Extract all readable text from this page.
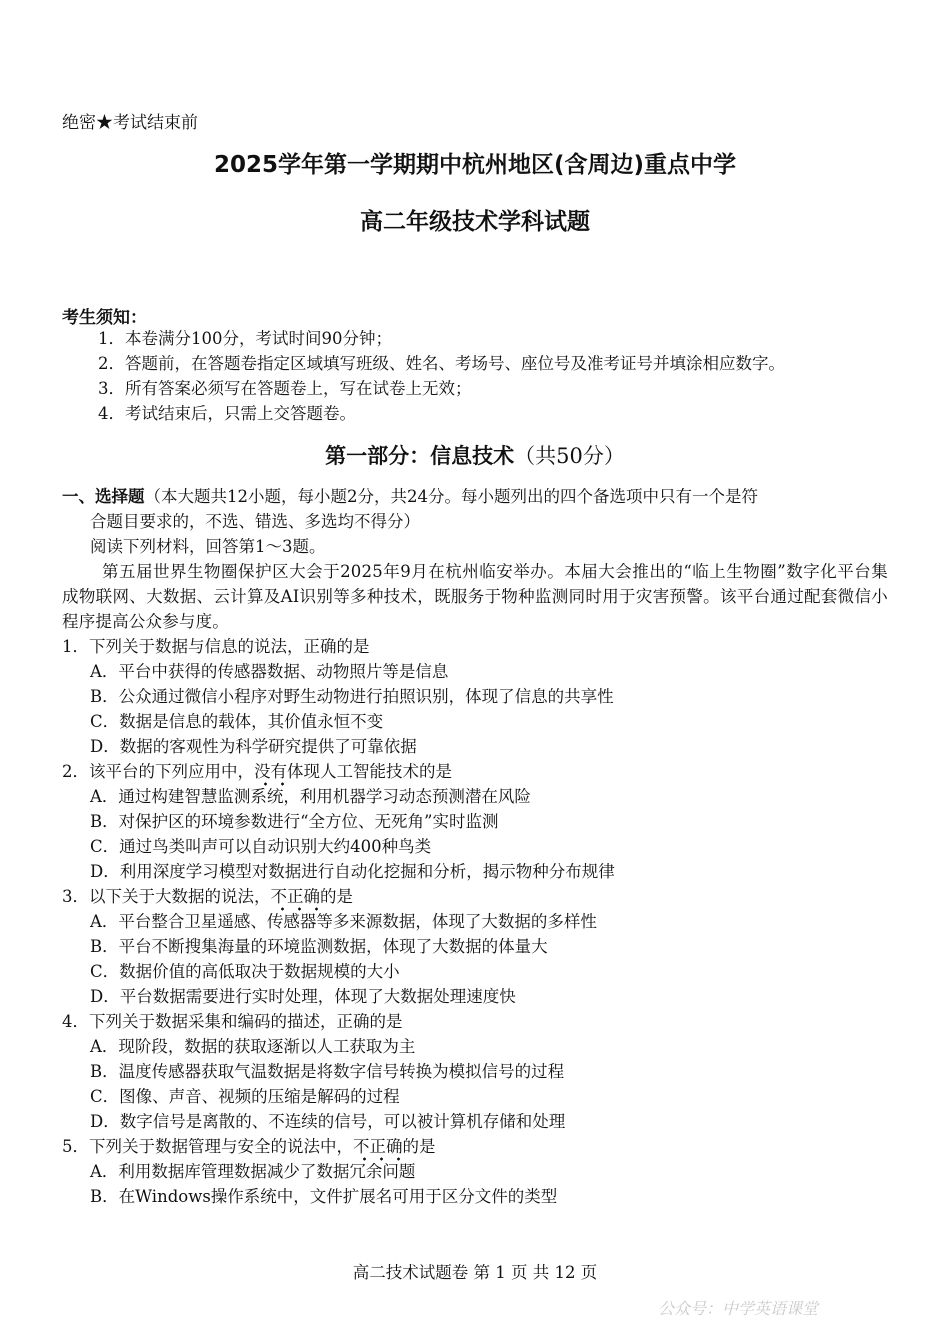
绝密★考试结束前
2025学年第一学期期中杭州地区(含周边)重点中学
高二年级技术学科试题
考生须知：
1．本卷满分100分，考试时间90分钟；
2．答题前，在答题卷指定区域填写班级、姓名、考场号、座位号及准考证号并填涂相应数字。
3．所有答案必须写在答题卷上，写在试卷上无效；
4．考试结束后，只需上交答题卷。
第一部分：信息技术（共50分）
一、选择题（本大题共12小题，每小题2分，共24分。每小题列出的四个备选项中只有一个是符
合题目要求的，不选、错选、多选均不得分）
阅读下列材料，回答第1～3题。
第五届世界生物圈保护区大会于2025年9月在杭州临安举办。本届大会推出的“临上生物圈”数字化平台集成物联网、大数据、云计算及AI识别等多种技术，既服务于物种监测同时用于灾害预警。该平台通过配套微信小程序提高公众参与度。
1．下列关于数据与信息的说法，正确的是
A．平台中获得的传感器数据、动物照片等是信息
B．公众通过微信小程序对野生动物进行拍照识别，体现了信息的共享性
C．数据是信息的载体，其价值永恒不变
D．数据的客观性为科学研究提供了可靠依据
2．该平台的下列应用中，没有体现人工智能技术的是
A．通过构建智慧监测系统，利用机器学习动态预测潜在风险
B．对保护区的环境参数进行“全方位、无死角”实时监测
C．通过鸟类叫声可以自动识别大约400种鸟类
D．利用深度学习模型对数据进行自动化挖掘和分析，揭示物种分布规律
3．以下关于大数据的说法，不正确的是
A．平台整合卫星遥感、传感器等多来源数据，体现了大数据的多样性
B．平台不断搜集海量的环境监测数据，体现了大数据的体量大
C．数据价值的高低取决于数据规模的大小
D．平台数据需要进行实时处理，体现了大数据处理速度快
4．下列关于数据采集和编码的描述，正确的是
A．现阶段，数据的获取逐渐以人工获取为主
B．温度传感器获取气温数据是将数字信号转换为模拟信号的过程
C．图像、声音、视频的压缩是解码的过程
D．数字信号是离散的、不连续的信号，可以被计算机存储和处理
5．下列关于数据管理与安全的说法中，不正确的是
A．利用数据库管理数据减少了数据冗余问题
B．在Windows操作系统中，文件扩展名可用于区分文件的类型
高二技术试题卷 第 1 页 共 12 页
公众号：中学英语课堂
